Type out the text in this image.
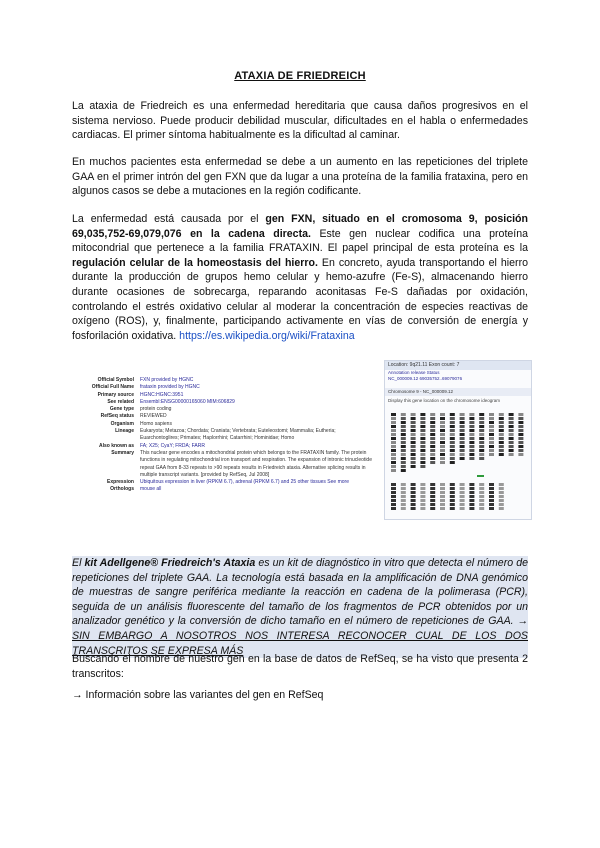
ATAXIA DE FRIEDREICH

La ataxia de Friedreich es una enfermedad hereditaria que causa daños progresivos en el sistema nervioso. Puede producir debilidad muscular, dificultades en el habla o enfermedades cardiacas. El primer síntoma habitualmente es la dificultad al caminar.

En muchos pacientes esta enfermedad se debe a un aumento en las repeticiones del triplete GAA en el primer intrón del gen FXN que da lugar a una proteína de la familia frataxina, pero en algunos casos se debe a mutaciones en la región codificante.

La enfermedad está causada por el gen FXN, situado en el cromosoma 9, posición 69,035,752-69,079,076 en la cadena directa. Este gen nuclear codifica una proteína mitocondrial que pertenece a la familia FRATAXIN. El papel principal de esta proteína es la regulación celular de la homeostasis del hierro. En concreto, ayuda transportando el hierro durante la producción de grupos hemo celular y hemo-azufre (Fe-S), almacenando hierro durante ocasiones de sobrecarga, reparando aconitasas Fe-S dañadas por oxidación, controlando el estrés oxidativo celular al moderar la concentración de especies reactivas de oxígeno (ROS), y, finalmente, participando activamente en vías de conversión de energía y fosforilación oxidativa. https://es.wikipedia.org/wiki/Frataxina

Official Symbol	FXN provided by HGNC
Official Full Name	frataxin provided by HGNC
Primary source	HGNC:HGNC:3951
See related	Ensembl:ENSG00000165060 MIM:606829
Gene type	protein coding
RefSeq status	REVIEWED
Organism	Homo sapiens
Lineage	Eukaryota; Metazoa; Chordata; Craniata; Vertebrata; Euteleostomi; Mammalia; Eutheria; Euarchontoglires; Primates; Haplorrhini; Catarrhini; Hominidae; Homo
Also known as	FA; X25; CyaY; FRDA; FARR
Summary	This nuclear gene encodes a mitochondrial protein which belongs to the FRATAXIN family. The protein functions in regulating mitochondrial iron transport and respiration. The expansion of intronic trinucleotide repeat GAA from 8-33 repeats to >90 repeats results in Friedreich ataxia. Alternative splicing results in multiple transcript variants. [provided by RefSeq, Jul 2008]
Expression	Ubiquitous expression in liver (RPKM 6.7), adrenal (RPKM 6.7) and 25 other tissues See more
Orthologs	mouse all
Location: 9q21.11 Exon count: 7
Annotation release Status
NC_000009.12 69035752..69079076
Chromosome 9 - NC_000009.12
Display this gene location on the chromosome ideogram

El kit Adellgene® Friedreich's Ataxia es un kit de diagnóstico in vitro que detecta el número de repeticiones del triplete GAA. La tecnología está basada en la amplificación de DNA genómico de muestras de sangre periférica mediante la reacción en cadena de la polimerasa (PCR), seguida de un análisis fluorescente del tamaño de los fragmentos de PCR obtenidos por un analizador genético y la conversión de dicho tamaño en el número de repeticiones de GAA. → SIN EMBARGO A NOSOTROS NOS INTERESA RECONOCER CUAL DE LOS DOS TRANSCRITOS SE EXPRESA MÁS

Buscando el nombre de nuestro gen en la base de datos de RefSeq, se ha visto que presenta 2 transcritos:

→ Información sobre las variantes del gen en RefSeq
